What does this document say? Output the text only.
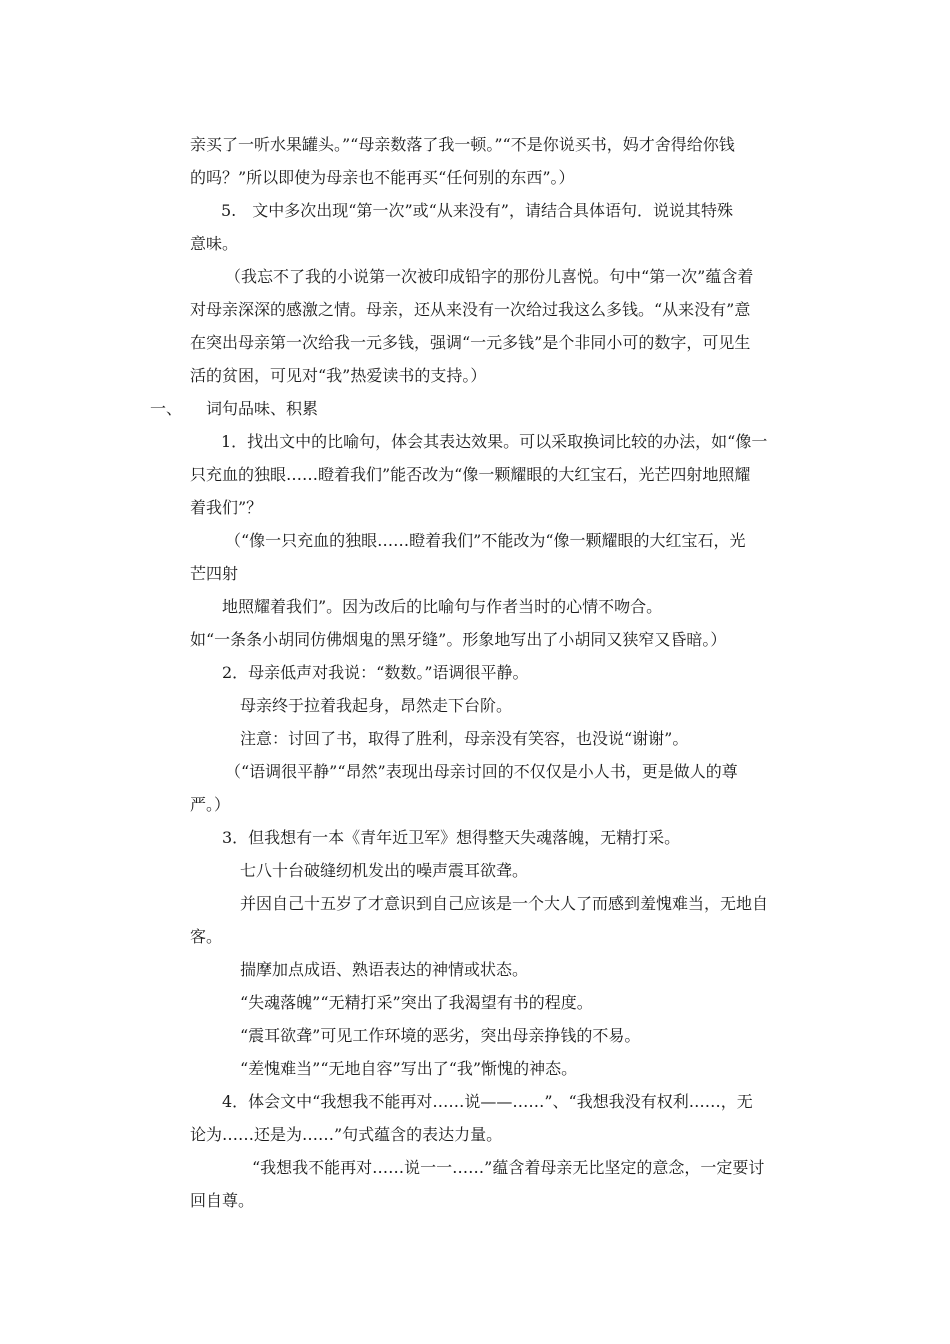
亲买了一听水果罐头。”“母亲数落了我一顿。”“不是你说买书，妈才舍得给你钱
的吗？”所以即使为母亲也不能再买“任何别的东西”。）
5.　文中多次出现“第一次”或“从来没有”，请结合具体语句．说说其特殊
意味。
（我忘不了我的小说第一次被印成铅字的那份儿喜悦。句中“第一次”蕴含着
对母亲深深的感激之情。母亲，还从来没有一次给过我这么多钱。“从来没有”意
在突出母亲第一次给我一元多钱，强调“一元多钱”是个非同小可的数字，可见生
活的贫困，可见对“我”热爱读书的支持。）
一、　　词句品味、积累
1．找出文中的比喻句，体会其表达效果。可以采取换词比较的办法，如“像一
只充血的独眼……瞪着我们”能否改为“像一颗耀眼的大红宝石，光芒四射地照耀
着我们”？
（“像一只充血的独眼……瞪着我们”不能改为“像一颗耀眼的大红宝石，光
芒四射
地照耀着我们”。因为改后的比喻句与作者当时的心情不吻合。
如“一条条小胡同仿佛烟鬼的黑牙缝”。形象地写出了小胡同又狭窄又昏暗。）
2．母亲低声对我说：“数数。”语调很平静。
母亲终于拉着我起身，昂然走下台阶。
注意：讨回了书，取得了胜利，母亲没有笑容，也没说“谢谢”。
（“语调很平静”“昂然”表现出母亲讨回的不仅仅是小人书，更是做人的尊
严。）
3．但我想有一本《青年近卫军》想得整天失魂落魄，无精打采。
七八十台破缝纫机发出的噪声震耳欲聋。
并因自己十五岁了才意识到自己应该是一个大人了而感到羞愧难当，无地自
客。
揣摩加点成语、熟语表达的神情或状态。
“失魂落魄”“无精打采”突出了我渴望有书的程度。
“震耳欲聋”可见工作环境的恶劣，突出母亲挣钱的不易。
“差愧难当”“无地自容”写出了“我”惭愧的神态。
4．体会文中“我想我不能再对……说——……”、“我想我没有权利……，无
论为……还是为……”句式蕴含的表达力量。
“我想我不能再对……说一一……”蕴含着母亲无比坚定的意念，一定要讨
回自尊。
